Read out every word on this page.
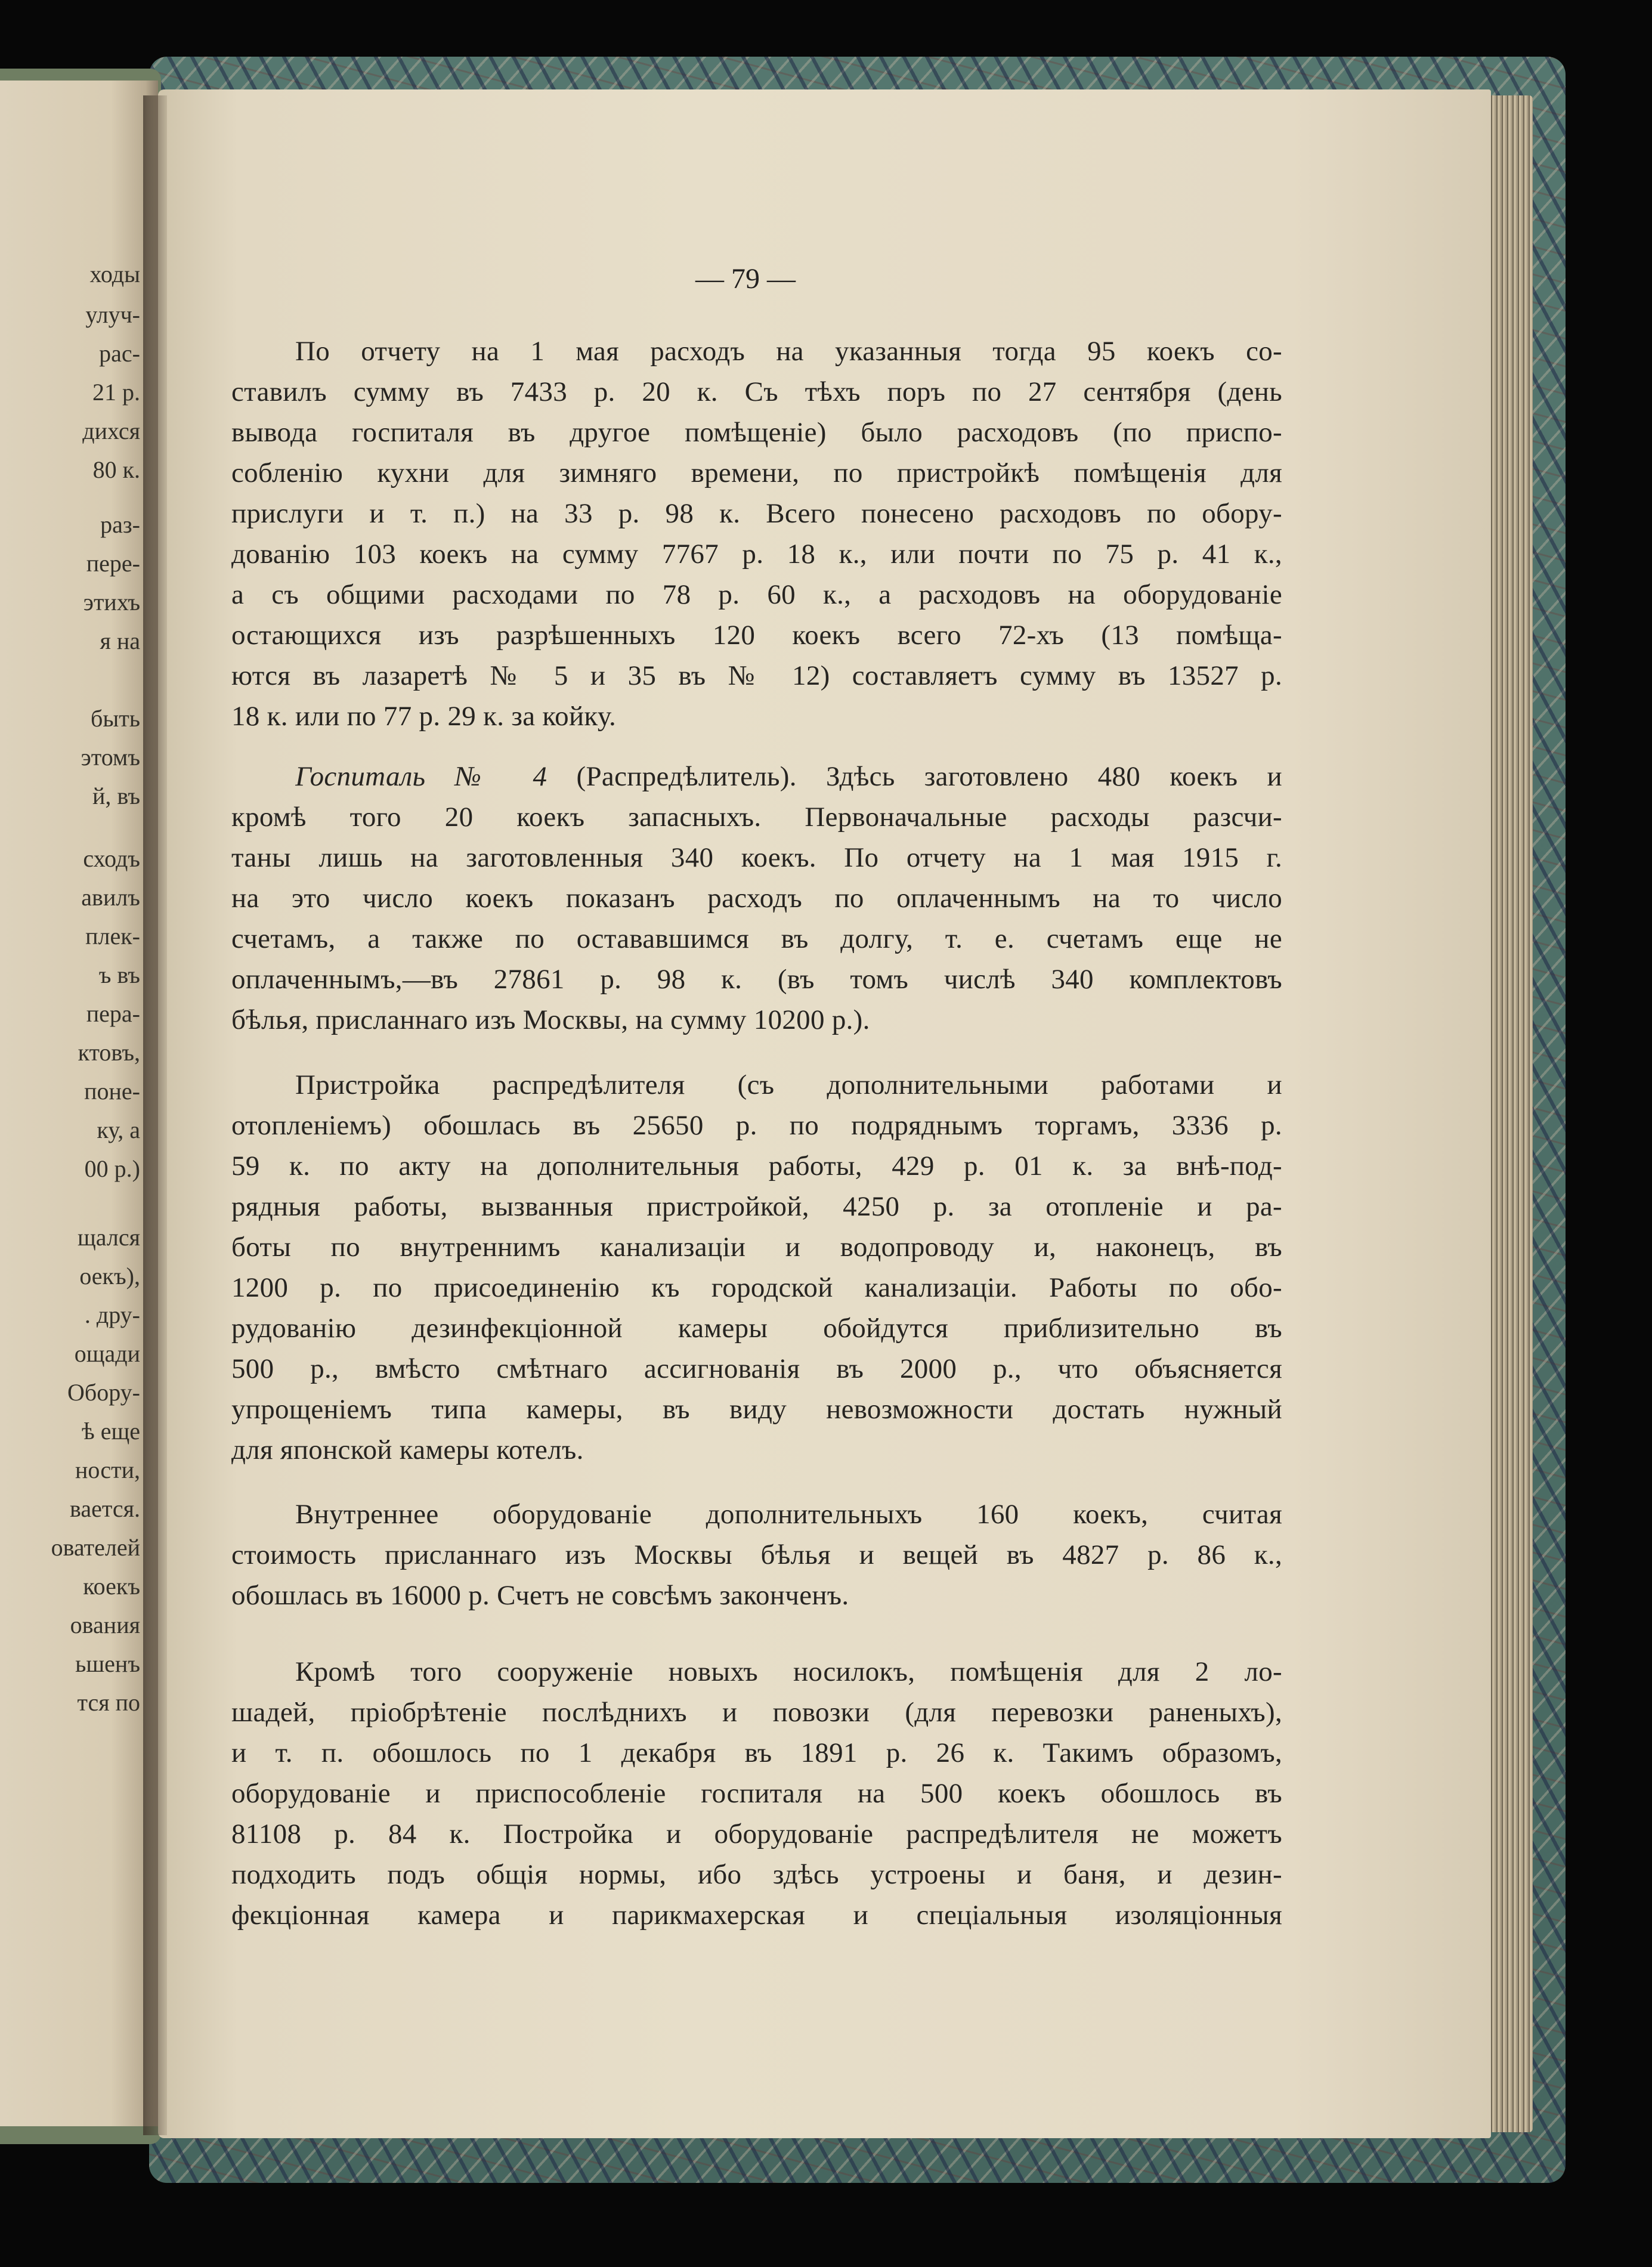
ходы
улуч-
рас-
21 р.
дихся
80 к.
раз-
пере-
этихъ
я на
быть
этомъ
й, въ
сходъ
авилъ
плек-
ъ въ
пера-
ктовъ,
поне-
ку, а
00 р.)
щался
оекъ),
. дру-
ощади
Обору-
ѣ еще
ности,
вается.
ователей
коекъ
ования
ьшенъ
тся по
— 79 —
По отчету на 1 мая расходъ на указанныя тогда 95 коекъ со-
ставилъ сумму въ 7433 р. 20 к. Съ тѣхъ поръ по 27 сентября (день
вывода госпиталя въ другое помѣщеніе) было расходовъ (по приспо-
собленію кухни для зимняго времени, по пристройкѣ помѣщенія для
прислуги и т. п.) на 33 р. 98 к. Всего понесено расходовъ по обору-
дованію 103 коекъ на сумму 7767 р. 18 к., или почти по 75 р. 41 к.,
а съ общими расходами по 78 р. 60 к., а расходовъ на оборудованіе
остающихся изъ разрѣшенныхъ 120 коекъ всего 72-хъ (13 помѣща-
ются въ лазаретѣ № 5 и 35 въ № 12) составляетъ сумму въ 13527 р.
18 к. или по 77 р. 29 к. за койку.
Госпиталь № 4 (Распредѣлитель). Здѣсь заготовлено 480 коекъ и
кромѣ того 20 коекъ запасныхъ. Первоначальные расходы разсчи-
таны лишь на заготовленныя 340 коекъ. По отчету на 1 мая 1915 г.
на это число коекъ показанъ расходъ по оплаченнымъ на то число
счетамъ, а также по остававшимся въ долгу, т. е. счетамъ еще не
оплаченнымъ,—въ 27861 р. 98 к. (въ томъ числѣ 340 комплектовъ
бѣлья, присланнаго изъ Москвы, на сумму 10200 р.).
Пристройка распредѣлителя (съ дополнительными работами и
отопленіемъ) обошлась въ 25650 р. по подряднымъ торгамъ, 3336 р.
59 к. по акту на дополнительныя работы, 429 р. 01 к. за внѣ-под-
рядныя работы, вызванныя пристройкой, 4250 р. за отопленіе и ра-
боты по внутреннимъ канализаціи и водопроводу и, наконецъ, въ
1200 р. по присоединенію къ городской канализаціи. Работы по обо-
рудованію дезинфекціонной камеры обойдутся приблизительно въ
500 р., вмѣсто смѣтнаго ассигнованія въ 2000 р., что объясняется
упрощеніемъ типа камеры, въ виду невозможности достать нужный
для японской камеры котелъ.
Внутреннее оборудованіе дополнительныхъ 160 коекъ, считая
стоимость присланнаго изъ Москвы бѣлья и вещей въ 4827 р. 86 к.,
обошлась въ 16000 р. Счетъ не совсѣмъ законченъ.
Кромѣ того сооруженіе новыхъ носилокъ, помѣщенія для 2 ло-
шадей, пріобрѣтеніе послѣднихъ и повозки (для перевозки раненыхъ),
и т. п. обошлось по 1 декабря въ 1891 р. 26 к. Такимъ образомъ,
оборудованіе и приспособленіе госпиталя на 500 коекъ обошлось въ
81108 р. 84 к. Постройка и оборудованіе распредѣлителя не можетъ
подходить подъ общія нормы, ибо здѣсь устроены и баня, и дезин-
фекціонная камера и парикмахерская и спеціальныя изоляціонныя
